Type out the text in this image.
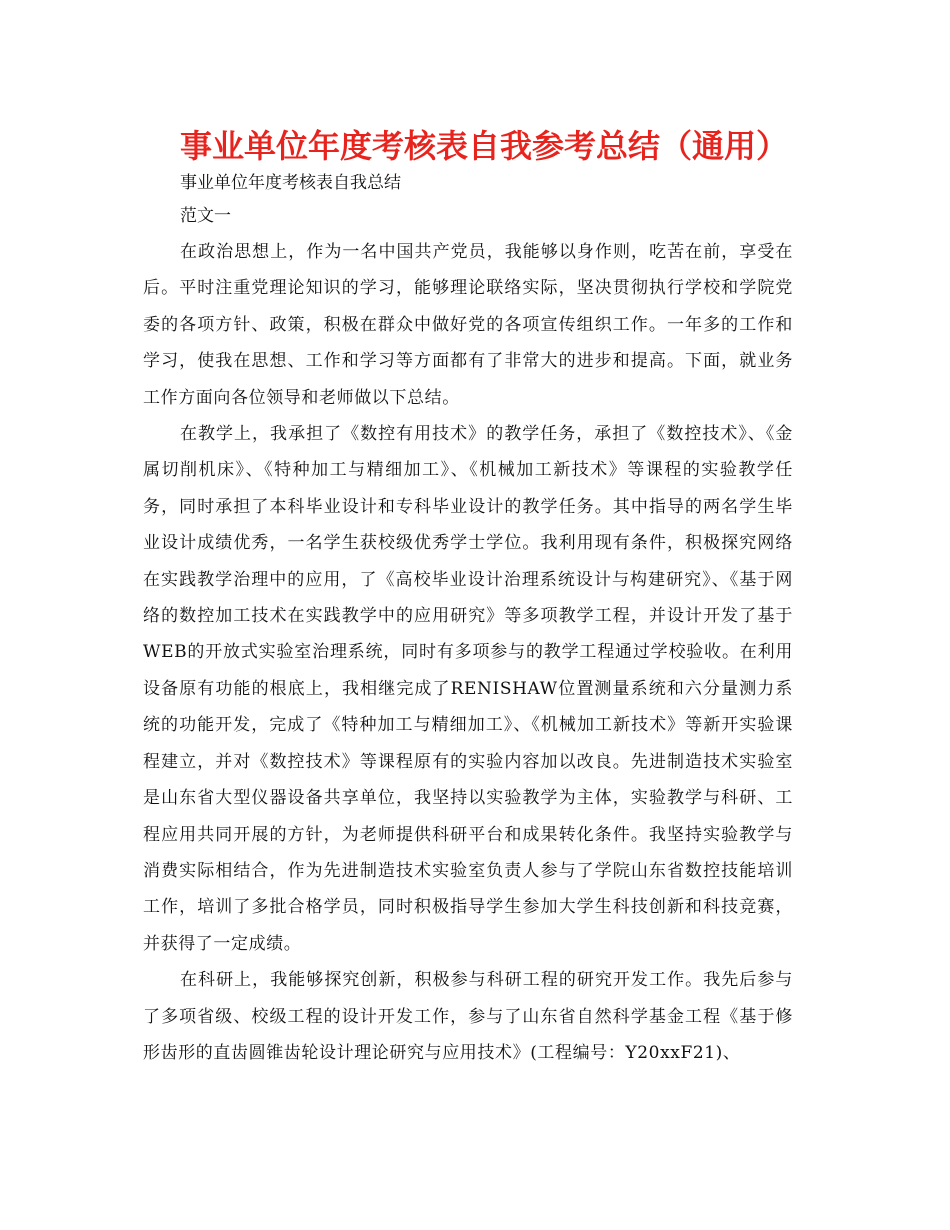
事业单位年度考核表自我参考总结（通用）
事业单位年度考核表自我总结
范文一

在政治思想上，作为一名中国共产党员，我能够以身作则，吃苦在前，享受在后。平时注重党理论知识的学习，能够理论联络实际，坚决贯彻执行学校和学院党委的各项方针、政策，积极在群众中做好党的各项宣传组织工作。一年多的工作和学习，使我在思想、工作和学习等方面都有了非常大的进步和提高。下面，就业务工作方面向各位领导和老师做以下总结。

在教学上，我承担了《数控有用技术》的教学任务，承担了《数控技术》、《金属切削机床》、《特种加工与精细加工》、《机械加工新技术》等课程的实验教学任务，同时承担了本科毕业设计和专科毕业设计的教学任务。其中指导的两名学生毕业设计成绩优秀，一名学生获校级优秀学士学位。我利用现有条件，积极探究网络在实践教学治理中的应用，了《高校毕业设计治理系统设计与构建研究》、《基于网络的数控加工技术在实践教学中的应用研究》等多项教学工程，并设计开发了基于WEB的开放式实验室治理系统，同时有多项参与的教学工程通过学校验收。在利用设备原有功能的根底上，我相继完成了RENISHAW位置测量系统和六分量测力系统的功能开发，完成了《特种加工与精细加工》、《机械加工新技术》等新开实验课程建立，并对《数控技术》等课程原有的实验内容加以改良。先进制造技术实验室是山东省大型仪器设备共享单位，我坚持以实验教学为主体，实验教学与科研、工程应用共同开展的方针，为老师提供科研平台和成果转化条件。我坚持实验教学与消费实际相结合，作为先进制造技术实验室负责人参与了学院山东省数控技能培训工作，培训了多批合格学员，同时积极指导学生参加大学生科技创新和科技竞赛，并获得了一定成绩。

在科研上，我能够探究创新，积极参与科研工程的研究开发工作。我先后参与了多项省级、校级工程的设计开发工作，参与了山东省自然科学基金工程《基于修形齿形的直齿圆锥齿轮设计理论研究与应用技术》(工程编号：Y20xxF21)、
